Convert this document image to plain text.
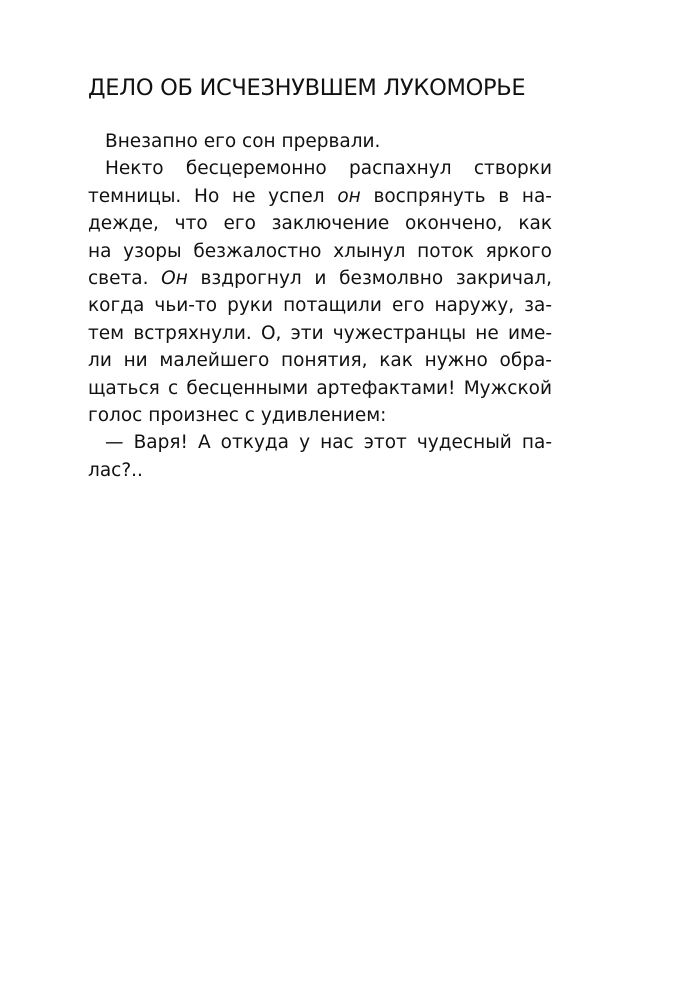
ДЕЛО ОБ ИСЧЕЗНУВШЕМ ЛУКОМОРЬЕ
Внезапно его сон прервали.
Некто бесцеремонно распахнул створки
темницы. Но не успел он воспрянуть в на-
дежде, что его заключение окончено, как
на узоры безжалостно хлынул поток яркого
света. Он вздрогнул и безмолвно закричал,
когда чьи-то руки потащили его наружу, за-
тем встряхнули. О, эти чужестранцы не име-
ли ни малейшего понятия, как нужно обра-
щаться с бесценными артефактами! Мужской
голос произнес с удивлением:
— Варя! А откуда у нас этот чудесный па-
лас?..
